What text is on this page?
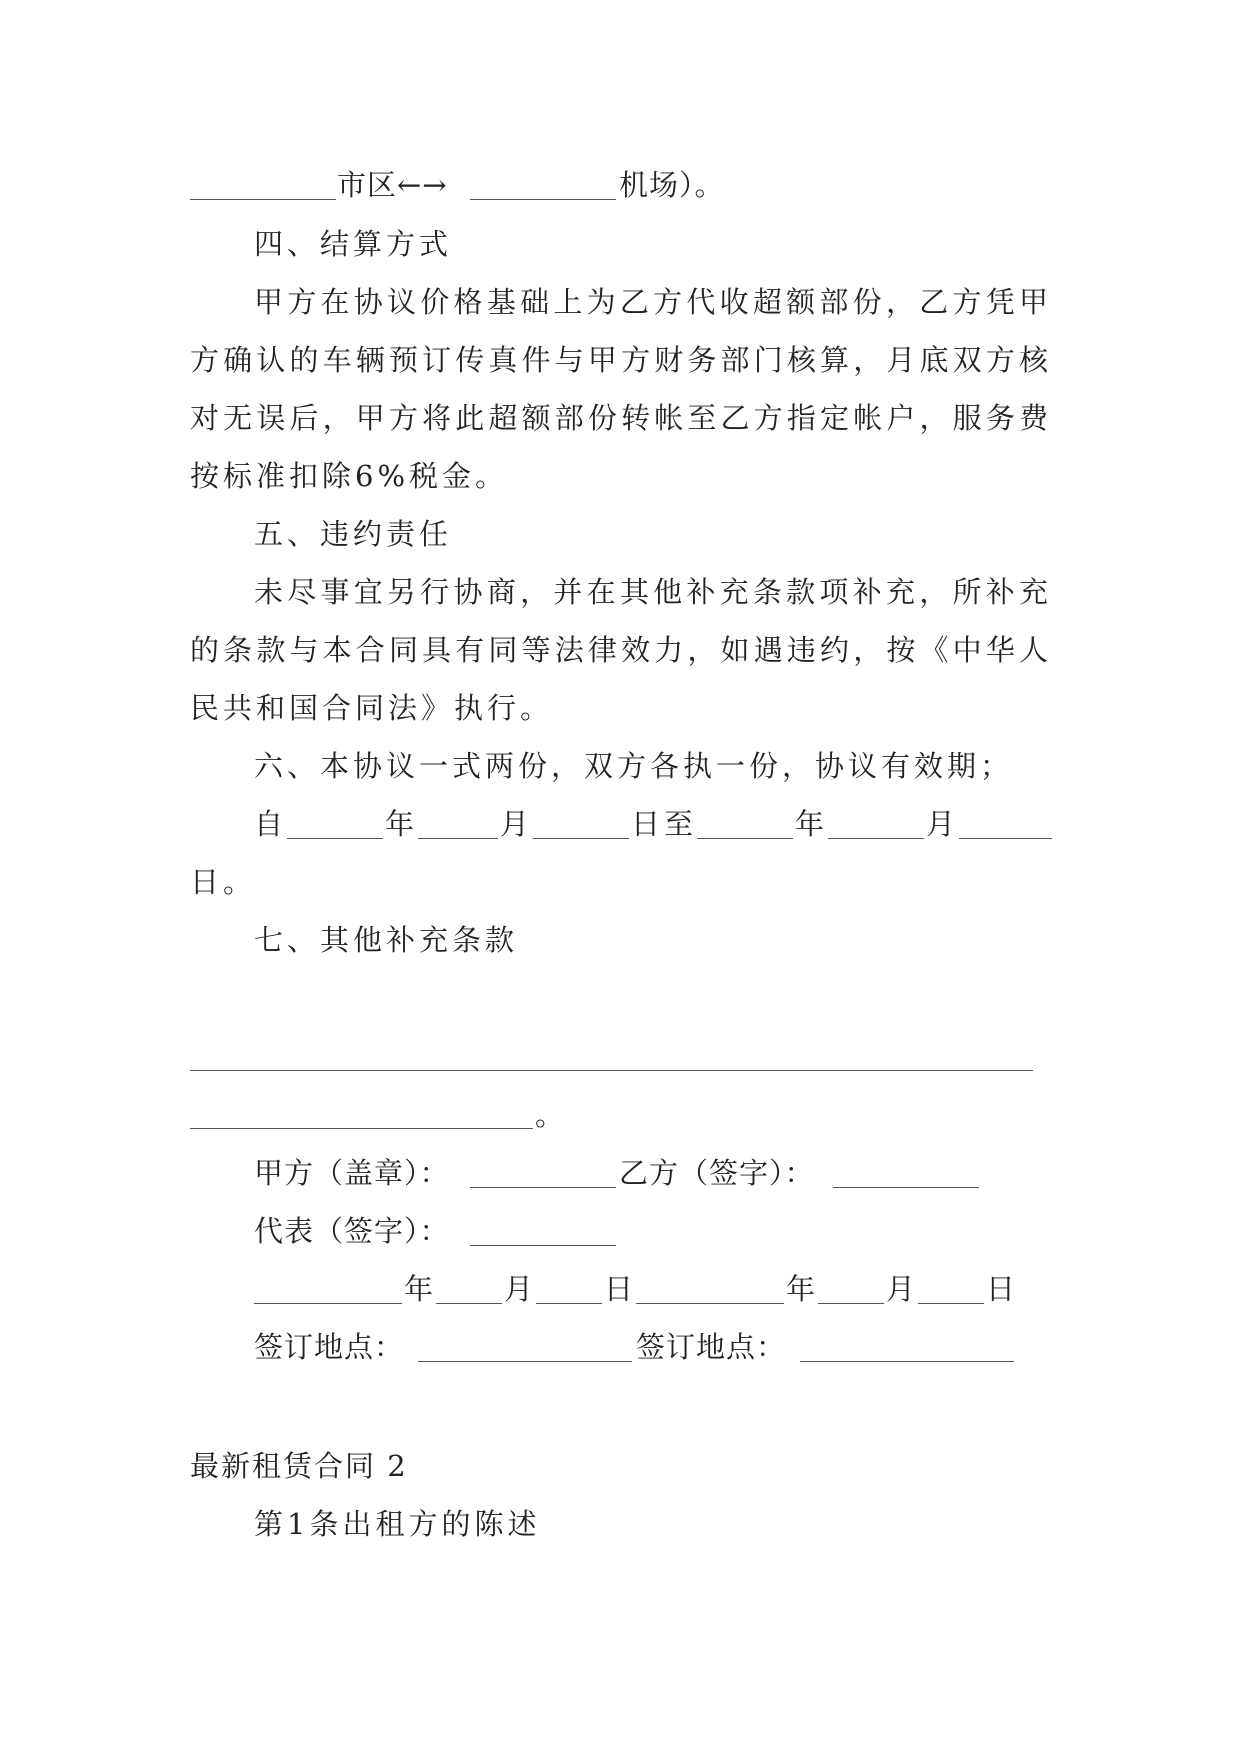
市区←→	机场）。
四、结算方式
甲方在协议价格基础上为乙方代收超额部份，乙方凭甲
方确认的车辆预订传真件与甲方财务部门核算，月底双方核
对无误后，甲方将此超额部份转帐至乙方指定帐户，服务费
按标准扣除6%税金。
五、违约责任
未尽事宜另行协商，并在其他补充条款项补充，所补充
的条款与本合同具有同等法律效力，如遇违约，按《中华人
民共和国合同法》执行。
六、本协议一式两份，双方各执一份，协议有效期；
自	年	月	日至	年	月
日。
七、其他补充条款
。
甲方（盖章）：	乙方（签字）：
代表（签字）：
年 月 日	年 月 日
签订地点：	签订地点：
最新租赁合同 2
第1条出租方的陈述
